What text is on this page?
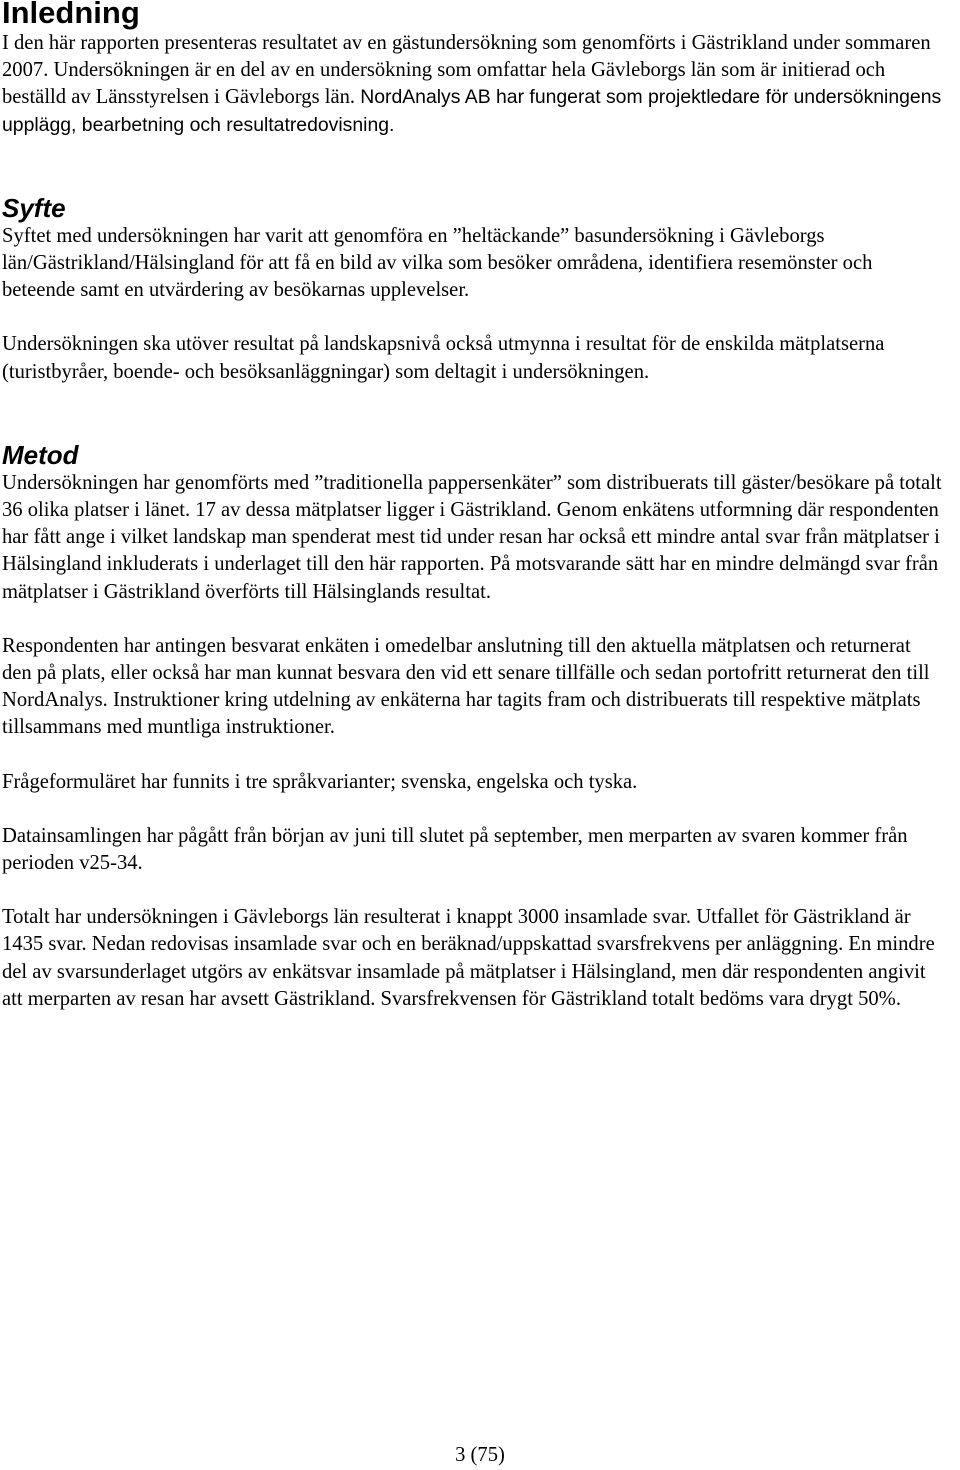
Inledning

I den här rapporten presenteras resultatet av en gästundersökning som genomförts i Gästrikland under sommaren 2007. Undersökningen är en del av en undersökning som omfattar hela Gävleborgs län som är initierad och beställd av Länsstyrelsen i Gävleborgs län. NordAnalys AB har fungerat som projektledare för undersökningens upplägg, bearbetning och resultatredovisning.

Syfte

Syftet med undersökningen har varit att genomföra en ”heltäckande” basundersökning i Gävleborgs län/Gästrikland/Hälsingland för att få en bild av vilka som besöker områdena, identifiera resemönster och beteende samt en utvärdering av besökarnas upplevelser.

Undersökningen ska utöver resultat på landskapsnivå också utmynna i resultat för de enskilda mätplatserna (turistbyråer, boende- och besöksanläggningar) som deltagit i undersökningen.

Metod

Undersökningen har genomförts med ”traditionella pappersenkäter” som distribuerats till gäster/besökare på totalt 36 olika platser i länet. 17 av dessa mätplatser ligger i Gästrikland. Genom enkätens utformning där respondenten har fått ange i vilket landskap man spenderat mest tid under resan har också ett mindre antal svar från mätplatser i Hälsingland inkluderats i underlaget till den här rapporten. På motsvarande sätt har en mindre delmängd svar från mätplatser i Gästrikland överförts till Hälsinglands resultat.

Respondenten har antingen besvarat enkäten i omedelbar anslutning till den aktuella mätplatsen och returnerat den på plats, eller också har man kunnat besvara den vid ett senare tillfälle och sedan portofritt returnerat den till NordAnalys. Instruktioner kring utdelning av enkäterna har tagits fram och distribuerats till respektive mätplats tillsammans med muntliga instruktioner.

Frågeformuläret har funnits i tre språkvarianter; svenska, engelska och tyska.

Datainsamlingen har pågått från början av juni till slutet på september, men merparten av svaren kommer från perioden v25-34.

Totalt har undersökningen i Gävleborgs län resulterat i knappt 3000 insamlade svar. Utfallet för Gästrikland är 1435 svar. Nedan redovisas insamlade svar och en beräknad/uppskattad svarsfrekvens per anläggning. En mindre del av svarsunderlaget utgörs av enkätsvar insamlade på mätplatser i Hälsingland, men där respondenten angivit att merparten av resan har avsett Gästrikland. Svarsfrekvensen för Gästrikland totalt bedöms vara drygt 50%.

3 (75)
